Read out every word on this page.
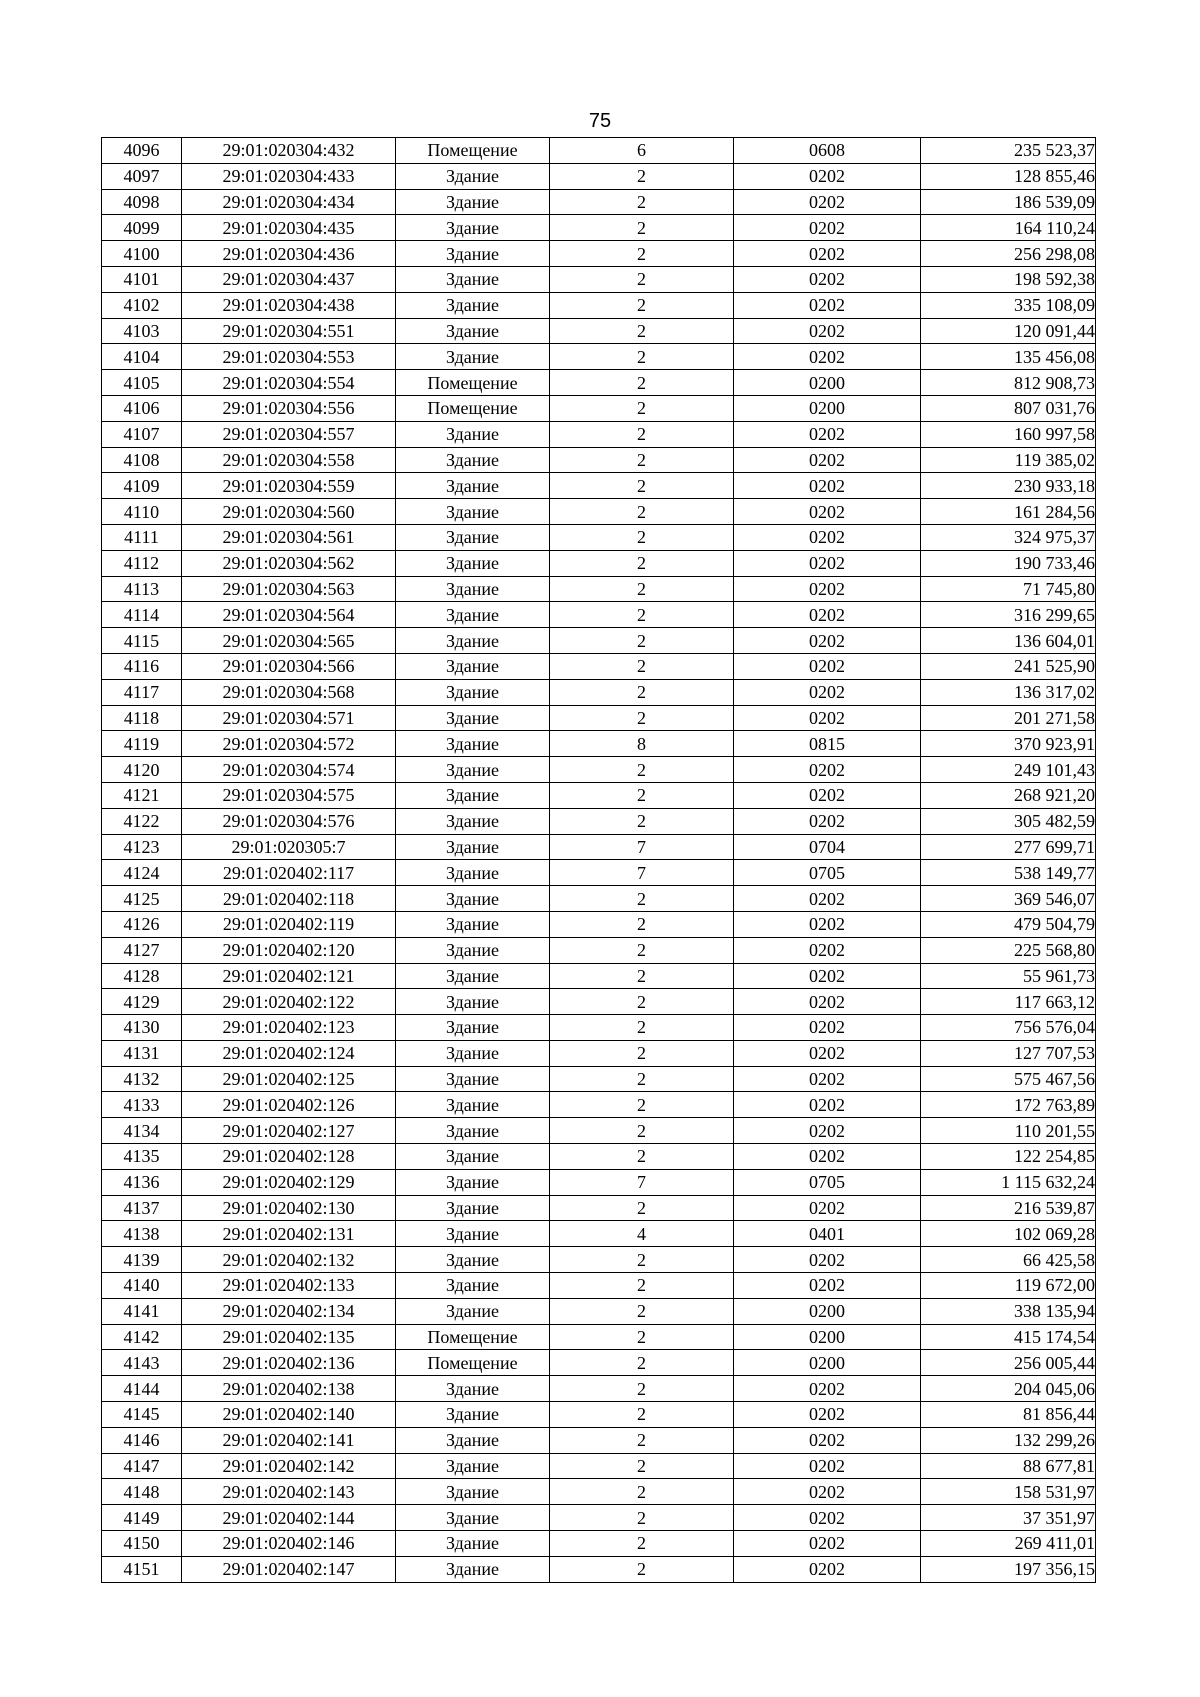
75
4096	29:01:020304:432	Помещение	6	0608	235 523,37
4097	29:01:020304:433	Здание	2	0202	128 855,46
4098	29:01:020304:434	Здание	2	0202	186 539,09
4099	29:01:020304:435	Здание	2	0202	164 110,24
4100	29:01:020304:436	Здание	2	0202	256 298,08
4101	29:01:020304:437	Здание	2	0202	198 592,38
4102	29:01:020304:438	Здание	2	0202	335 108,09
4103	29:01:020304:551	Здание	2	0202	120 091,44
4104	29:01:020304:553	Здание	2	0202	135 456,08
4105	29:01:020304:554	Помещение	2	0200	812 908,73
4106	29:01:020304:556	Помещение	2	0200	807 031,76
4107	29:01:020304:557	Здание	2	0202	160 997,58
4108	29:01:020304:558	Здание	2	0202	119 385,02
4109	29:01:020304:559	Здание	2	0202	230 933,18
4110	29:01:020304:560	Здание	2	0202	161 284,56
4111	29:01:020304:561	Здание	2	0202	324 975,37
4112	29:01:020304:562	Здание	2	0202	190 733,46
4113	29:01:020304:563	Здание	2	0202	71 745,80
4114	29:01:020304:564	Здание	2	0202	316 299,65
4115	29:01:020304:565	Здание	2	0202	136 604,01
4116	29:01:020304:566	Здание	2	0202	241 525,90
4117	29:01:020304:568	Здание	2	0202	136 317,02
4118	29:01:020304:571	Здание	2	0202	201 271,58
4119	29:01:020304:572	Здание	8	0815	370 923,91
4120	29:01:020304:574	Здание	2	0202	249 101,43
4121	29:01:020304:575	Здание	2	0202	268 921,20
4122	29:01:020304:576	Здание	2	0202	305 482,59
4123	29:01:020305:7	Здание	7	0704	277 699,71
4124	29:01:020402:117	Здание	7	0705	538 149,77
4125	29:01:020402:118	Здание	2	0202	369 546,07
4126	29:01:020402:119	Здание	2	0202	479 504,79
4127	29:01:020402:120	Здание	2	0202	225 568,80
4128	29:01:020402:121	Здание	2	0202	55 961,73
4129	29:01:020402:122	Здание	2	0202	117 663,12
4130	29:01:020402:123	Здание	2	0202	756 576,04
4131	29:01:020402:124	Здание	2	0202	127 707,53
4132	29:01:020402:125	Здание	2	0202	575 467,56
4133	29:01:020402:126	Здание	2	0202	172 763,89
4134	29:01:020402:127	Здание	2	0202	110 201,55
4135	29:01:020402:128	Здание	2	0202	122 254,85
4136	29:01:020402:129	Здание	7	0705	1 115 632,24
4137	29:01:020402:130	Здание	2	0202	216 539,87
4138	29:01:020402:131	Здание	4	0401	102 069,28
4139	29:01:020402:132	Здание	2	0202	66 425,58
4140	29:01:020402:133	Здание	2	0202	119 672,00
4141	29:01:020402:134	Здание	2	0200	338 135,94
4142	29:01:020402:135	Помещение	2	0200	415 174,54
4143	29:01:020402:136	Помещение	2	0200	256 005,44
4144	29:01:020402:138	Здание	2	0202	204 045,06
4145	29:01:020402:140	Здание	2	0202	81 856,44
4146	29:01:020402:141	Здание	2	0202	132 299,26
4147	29:01:020402:142	Здание	2	0202	88 677,81
4148	29:01:020402:143	Здание	2	0202	158 531,97
4149	29:01:020402:144	Здание	2	0202	37 351,97
4150	29:01:020402:146	Здание	2	0202	269 411,01
4151	29:01:020402:147	Здание	2	0202	197 356,15
